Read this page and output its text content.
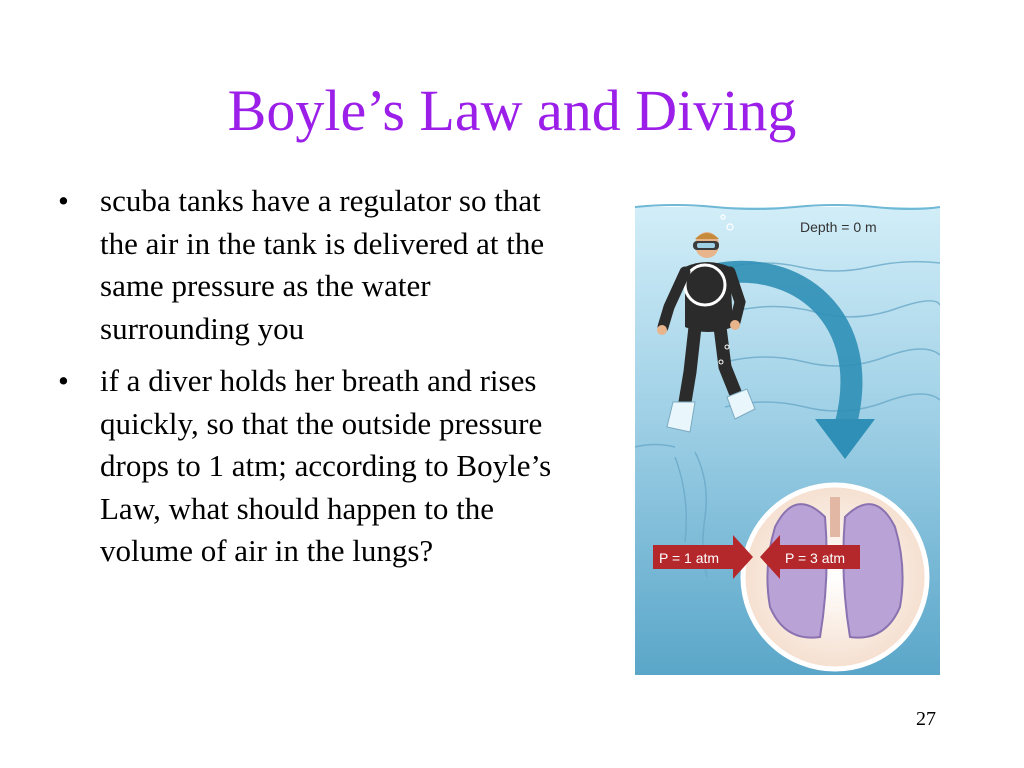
Boyle’s Law and Diving
• scuba tanks have a regulator so that the air in the tank is delivered at the same pressure as the water surrounding you
• if a diver holds her breath and rises quickly, so that the outside pressure drops to 1 atm; according to Boyle’s Law, what should happen to the volume of air in the lungs?
Depth = 0 m
P = 1 atm	P = 3 atm
27
